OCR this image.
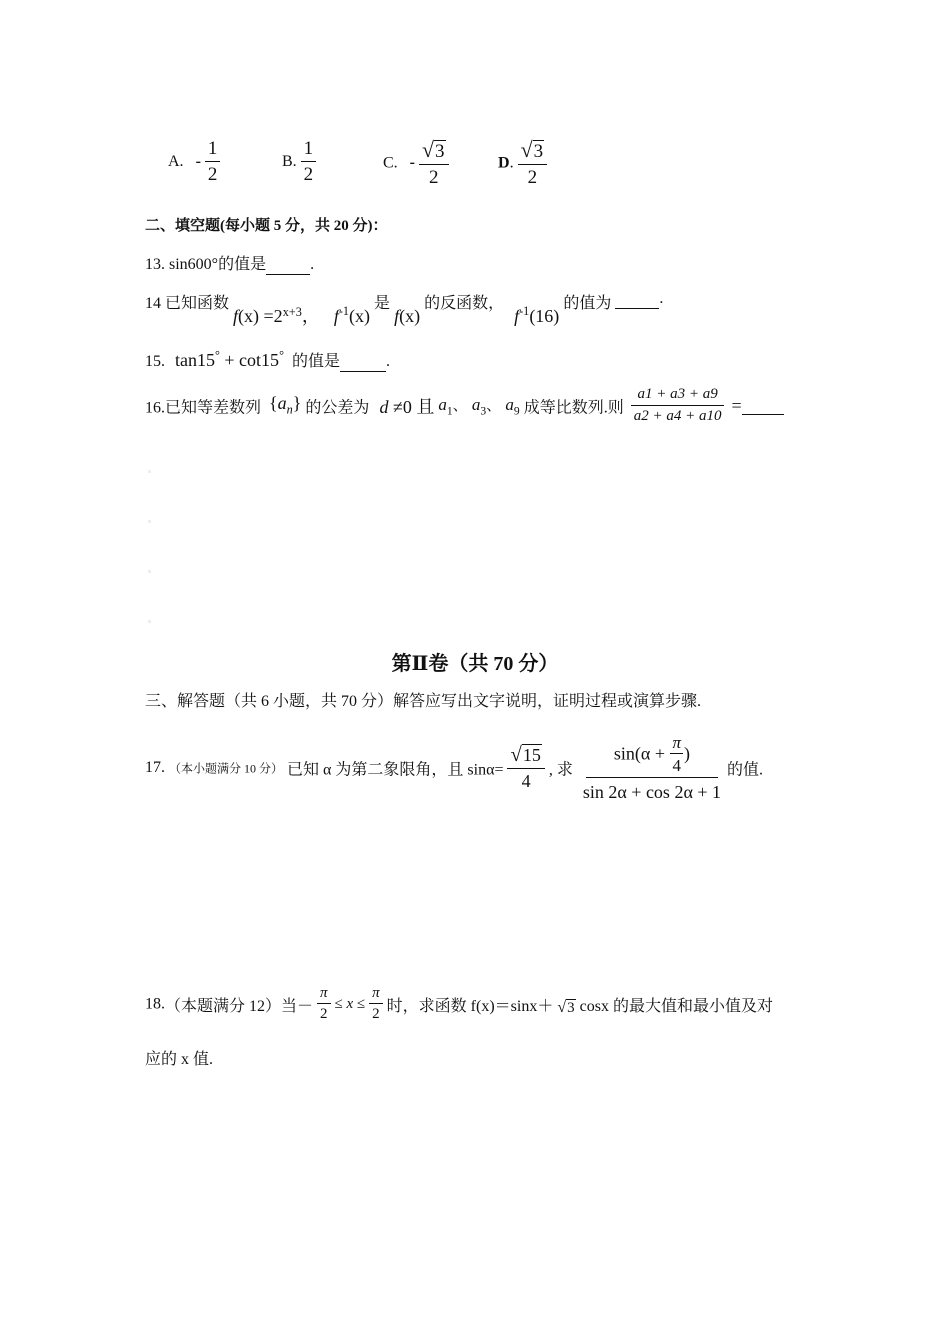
A. - $\frac{1}{2}$	B. $\frac{1}{2}$	C. - $\frac{√3}{2}$	D. $\frac{√3}{2}$
二、填空题(每小题 5 分，共 20 分)：
13. sin600°的值是	.
14 已知函数 $f(x) =2^{x+3}$， $f^{-1}(x)$ 是 f(x) 的反函数， $f^{-1}(16)$ 的值为	.
15. tan15° + cot15° 的值是	.
16.已知等差数列 $\{a_n\}$ 的公差为 d ≠0 且 $a_1$、 $a_3$、 $a_9$ 成等比数列.则 $\frac{a1 + a3 + a9}{a2 + a4 + a10}$ =
第Ⅱ卷（共 70 分）
三、解答题（共 6 小题，共 70 分）解答应写出文字说明，证明过程或演算步骤.
17. （本小题满分 10 分） 已知 α 为第二象限角，且 $\sin\alpha= \frac{√15}{4}$ , 求 $\frac{\sin(\alpha + \frac{\pi}{4} )}{\sin 2\alpha + \cos 2\alpha + 1}$ 的值.
18.（本题满分 12）当－ $\frac{\pi}{2} \le x \le \frac{\pi}{2}$ 时，求函数 f(x)＝sinx＋ √3 cosx 的最大值和最小值及对
应的 x 值.
